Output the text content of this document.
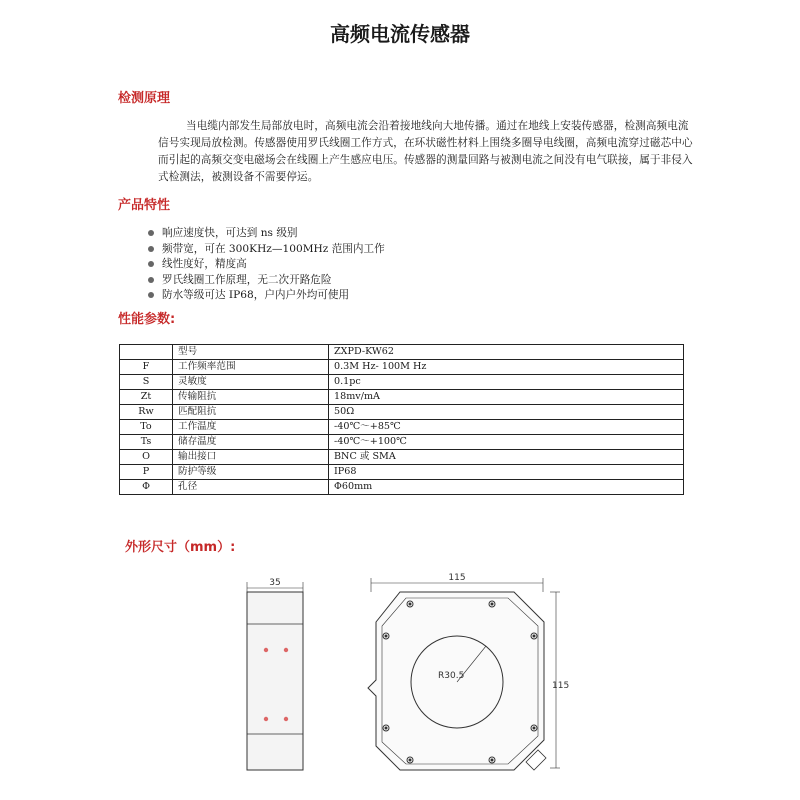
高频电流传感器
检测原理
当电缆内部发生局部放电时，高频电流会沿着接地线向大地传播。通过在地线上安装传感器，检测高频电流信号实现局放检测。传感器使用罗氏线圈工作方式，在环状磁性材料上围绕多圈导电线圈，高频电流穿过磁芯中心而引起的高频交变电磁场会在线圈上产生感应电压。传感器的测量回路与被测电流之间没有电气联接，属于非侵入式检测法，被测设备不需要停运。
产品特性
响应速度快，可达到 ns 级别
频带宽，可在 300KHz—100MHz 范围内工作
线性度好，精度高
罗氏线圈工作原理，无二次开路危险
防水等级可达 IP68，户内户外均可使用
性能参数:
	型号	ZXPD-KW62
F	工作频率范围	0.3M Hz- 100M Hz
S	灵敏度	0.1pc
Zt	传输阻抗	18mv/mA
Rw	匹配阻抗	50Ω
To	工作温度	-40℃～+85℃
Ts	储存温度	-40℃～+100℃
O	输出接口	BNC 或 SMA
P	防护等级	IP68
Φ	孔径	Φ60mm
外形尺寸（mm）:
35	115
115
R30.5
